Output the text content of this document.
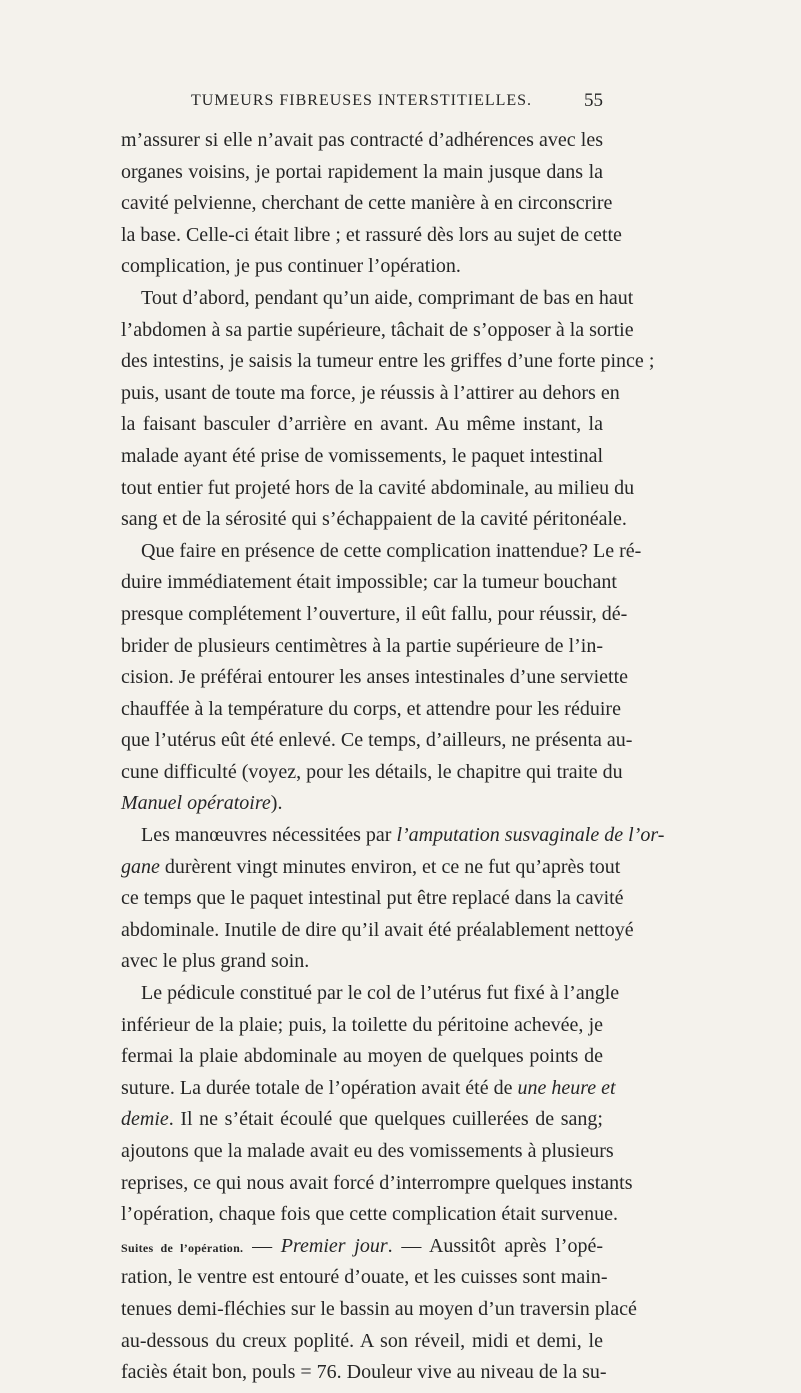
TUMEURS FIBREUSES INTERSTITIELLES.	55
m’assurer si elle n’avait pas contracté d’adhérences avec les
organes voisins, je portai rapidement la main jusque dans la
cavité pelvienne, cherchant de cette manière à en circonscrire
la base. Celle-ci était libre ; et rassuré dès lors au sujet de cette
complication, je pus continuer l’opération.
Tout d’abord, pendant qu’un aide, comprimant de bas en haut
l’abdomen à sa partie supérieure, tâchait de s’opposer à la sortie
des intestins, je saisis la tumeur entre les griffes d’une forte pince ;
puis, usant de toute ma force, je réussis à l’attirer au dehors en
la faisant basculer d’arrière en avant. Au même instant, la
malade ayant été prise de vomissements, le paquet intestinal
tout entier fut projeté hors de la cavité abdominale, au milieu du
sang et de la sérosité qui s’échappaient de la cavité péritonéale.
Que faire en présence de cette complication inattendue? Le ré-
duire immédiatement était impossible; car la tumeur bouchant
presque complétement l’ouverture, il eût fallu, pour réussir, dé-
brider de plusieurs centimètres à la partie supérieure de l’in-
cision. Je préférai entourer les anses intestinales d’une serviette
chauffée à la température du corps, et attendre pour les réduire
que l’utérus eût été enlevé. Ce temps, d’ailleurs, ne présenta au-
cune difficulté (voyez, pour les détails, le chapitre qui traite du
Manuel opératoire).
Les manœuvres nécessitées par l’amputation susvaginale de l’or-
gane durèrent vingt minutes environ, et ce ne fut qu’après tout
ce temps que le paquet intestinal put être replacé dans la cavité
abdominale. Inutile de dire qu’il avait été préalablement nettoyé
avec le plus grand soin.
Le pédicule constitué par le col de l’utérus fut fixé à l’angle
inférieur de la plaie; puis, la toilette du péritoine achevée, je
fermai la plaie abdominale au moyen de quelques points de
suture. La durée totale de l’opération avait été de une heure et
demie. Il ne s’était écoulé que quelques cuillerées de sang;
ajoutons que la malade avait eu des vomissements à plusieurs
reprises, ce qui nous avait forcé d’interrompre quelques instants
l’opération, chaque fois que cette complication était survenue.
Suites de l’opération. — Premier jour. — Aussitôt après l’opé-
ration, le ventre est entouré d’ouate, et les cuisses sont main-
tenues demi-fléchies sur le bassin au moyen d’un traversin placé
au-dessous du creux poplité. A son réveil, midi et demi, le
faciès était bon, pouls = 76. Douleur vive au niveau de la su-
